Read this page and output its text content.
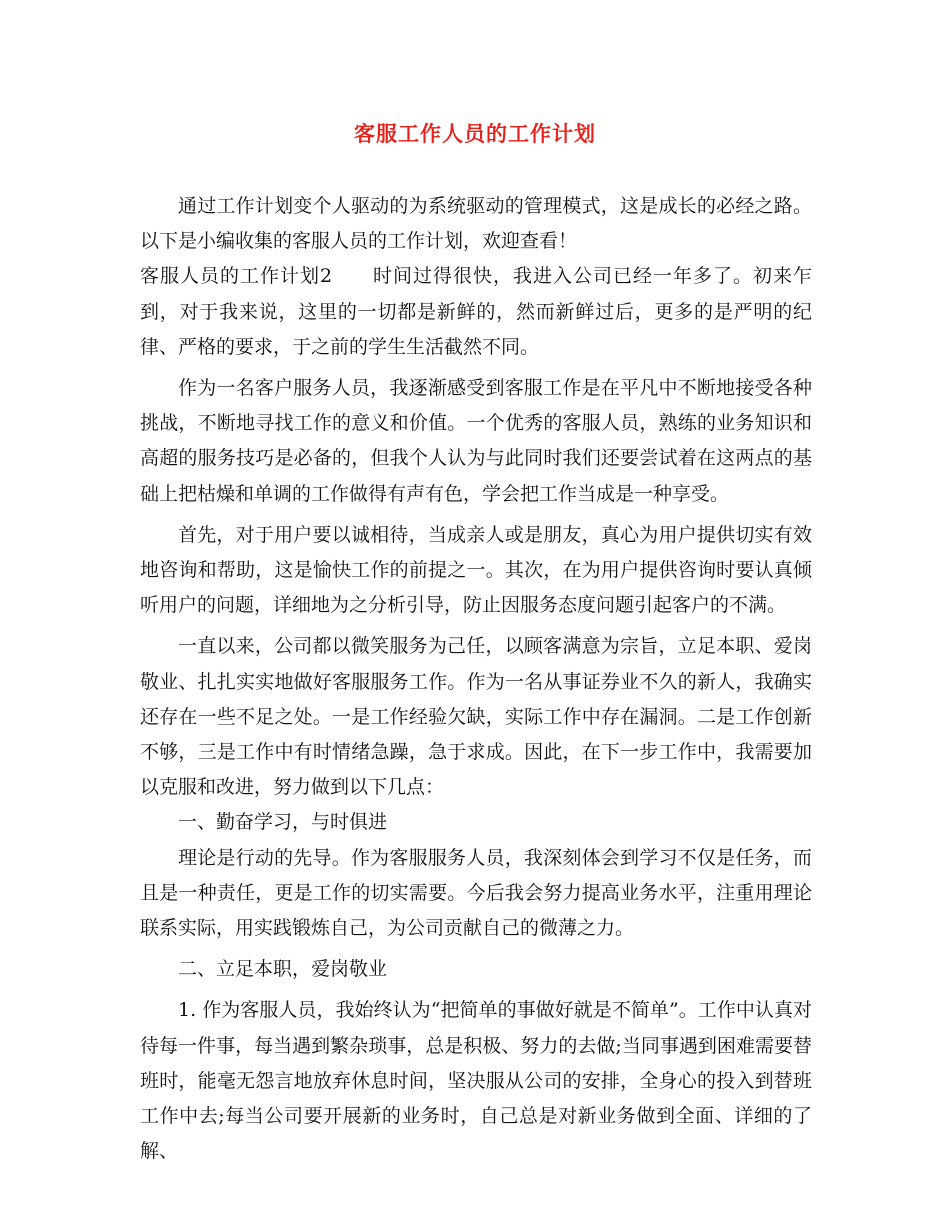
客服工作人员的工作计划

通过工作计划变个人驱动的为系统驱动的管理模式，这是成长的必经之路。以下是小编收集的客服人员的工作计划，欢迎查看！

客服人员的工作计划2 时间过得很快，我进入公司已经一年多了。初来乍到，对于我来说，这里的一切都是新鲜的，然而新鲜过后，更多的是严明的纪律、严格的要求，于之前的学生生活截然不同。

作为一名客户服务人员，我逐渐感受到客服工作是在平凡中不断地接受各种挑战，不断地寻找工作的意义和价值。一个优秀的客服人员，熟练的业务知识和高超的服务技巧是必备的，但我个人认为与此同时我们还要尝试着在这两点的基础上把枯燥和单调的工作做得有声有色，学会把工作当成是一种享受。

首先，对于用户要以诚相待，当成亲人或是朋友，真心为用户提供切实有效地咨询和帮助，这是愉快工作的前提之一。其次，在为用户提供咨询时要认真倾听用户的问题，详细地为之分析引导，防止因服务态度问题引起客户的不满。

一直以来，公司都以微笑服务为己任，以顾客满意为宗旨，立足本职、爱岗敬业、扎扎实实地做好客服服务工作。作为一名从事证券业不久的新人，我确实还存在一些不足之处。一是工作经验欠缺，实际工作中存在漏洞。二是工作创新不够，三是工作中有时情绪急躁，急于求成。因此，在下一步工作中，我需要加以克服和改进，努力做到以下几点：

一、勤奋学习，与时俱进

理论是行动的先导。作为客服服务人员，我深刻体会到学习不仅是任务，而且是一种责任，更是工作的切实需要。今后我会努力提高业务水平，注重用理论联系实际，用实践锻炼自己，为公司贡献自己的微薄之力。

二、立足本职，爱岗敬业

1. 作为客服人员，我始终认为“把简单的事做好就是不简单”。工作中认真对待每一件事，每当遇到繁杂琐事，总是积极、努力的去做;当同事遇到困难需要替班时，能毫无怨言地放弃休息时间，坚决服从公司的安排，全身心的投入到替班工作中去;每当公司要开展新的业务时，自己总是对新业务做到全面、详细的了解、
